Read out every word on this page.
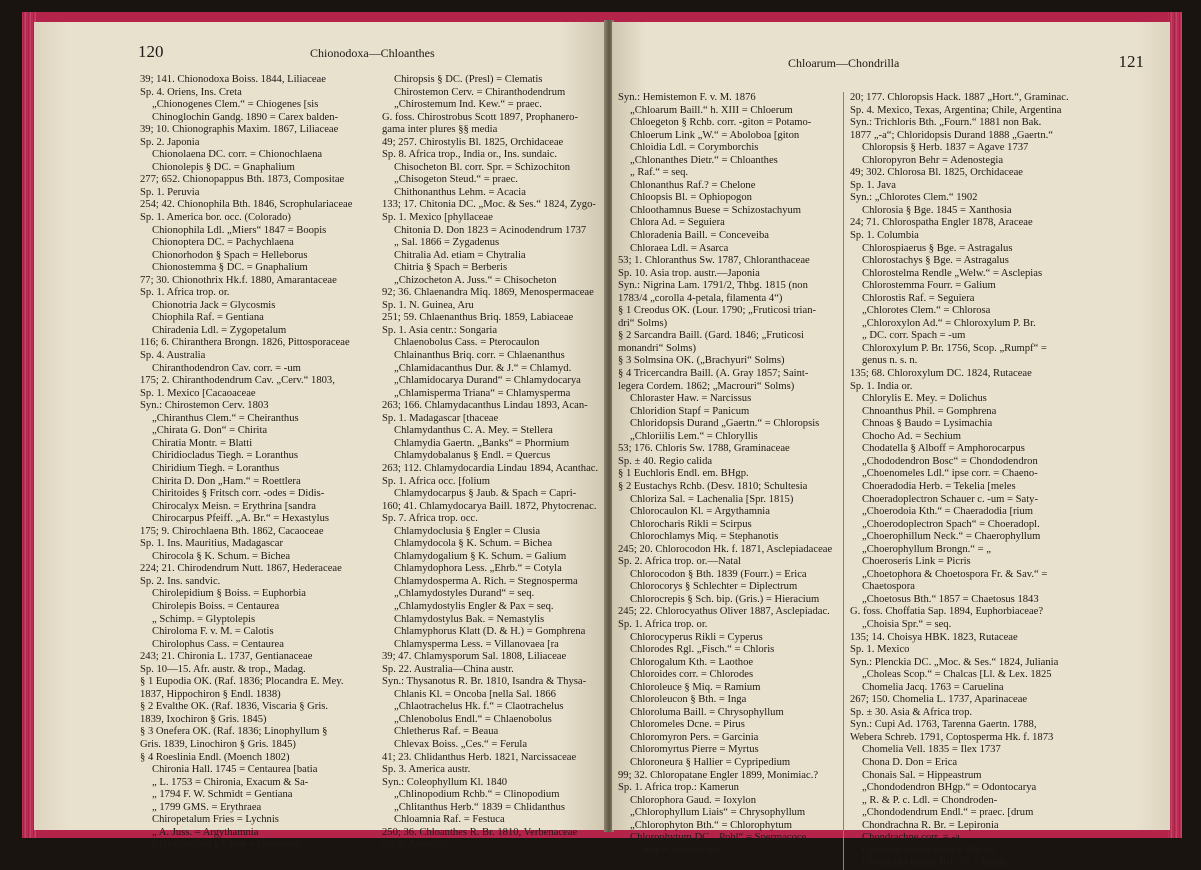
120	Chionodoxa—Chloanthes
39; 141. Chionodoxa Boiss. 1844, Liliaceae
Sp. 4. Oriens, Ins. Creta
„Chionogenes Clem.“ = Chiogenes [sis
Chinoglochin Gandg. 1890 = Carex balden-
39; 10. Chionographis Maxim. 1867, Liliaceae
Sp. 2. Japonia
Chionolaena DC. corr. = Chionochlaena
Chionolepis § DC. = Gnaphalium
277; 652. Chionopappus Bth. 1873, Compositae
Sp. 1. Peruvia
254; 42. Chionophila Bth. 1846, Scrophulariaceae
Sp. 1. America bor. occ. (Colorado)
Chionophila Ldl. „Miers“ 1847 = Boopis
Chionoptera DC. = Pachychlaena
Chionorhodon § Spach = Helleborus
Chionostemma § DC. = Gnaphalium
77; 30. Chionothrix Hk.f. 1880, Amarantaceae
Sp. 1. Africa trop. or.
Chionotria Jack = Glycosmis
Chiophila Raf. = Gentiana
Chiradenia Ldl. = Zygopetalum
116; 6. Chiranthera Brongn. 1826, Pittosporaceae
Sp. 4. Australia
Chiranthodendron Cav. corr. = -um
175; 2. Chiranthodendrum Cav. „Cerv.“ 1803,
Sp. 1. Mexico [Cacaoaceae
Syn.: Chirostemon Cerv. 1803
„Chiranthus Clem.“ = Cheiranthus
„Chirata G. Don“ = Chirita
Chiratia Montr. = Blatti
Chiridiocladus Tiegh. = Loranthus
Chiridium Tiegh. = Loranthus
Chirita D. Don „Ham.“ = Roettlera
Chiritoides § Fritsch corr. -odes = Didis-
Chirocalyx Meisn. = Erythrina [sandra
Chirocarpus Pfeiff. „A. Br.“ = Hexastylus
175; 9. Chirochlaena Bth. 1862, Cacaoceae
Sp. 1. Ins. Mauritius, Madagascar
Chirocola § K. Schum. = Bichea
224; 21. Chirodendrum Nutt. 1867, Hederaceae
Sp. 2. Ins. sandvic.
Chirolepidium § Boiss. = Euphorbia
Chirolepis Boiss. = Centaurea
„ Schimp. = Glyptolepis
Chiroloma F. v. M. = Calotis
Chirolophus Cass. = Centaurea
243; 21. Chironia L. 1737, Gentianaceae
Sp. 10—15. Afr. austr. & trop., Madag.
§ 1 Eupodia OK. (Raf. 1836; Plocandra E. Mey.
1837, Hippochiron § Endl. 1838)
§ 2 Evalthe OK. (Raf. 1836, Viscaria § Gris.
1839, Ixochiron § Gris. 1845)
§ 3 Onefera OK. (Raf. 1836; Linophyllum §
Gris. 1839, Linochiron § Gris. 1845)
§ 4 Roeslinia Endl. (Moench 1802)
Chironia Hall. 1745 = Centaurea [batia
„ L. 1753 = Chironia, Exacum & Sa-
„ 1794 F. W. Schmidt = Gentiana
„ 1799 GMS. = Erythraea
Chiropetalum Fries = Lychnis
„ A. Juss. = Argythamnia
Chirophyllum § Uline = Dioscorea
Chiropsis § DC. (Presl) = Clematis
Chirostemon Cerv. = Chiranthodendrum
„Chirostemum Ind. Kew.“ = praec.
G. foss. Chirostrobus Scott 1897, Prophanero-
gama inter plures §§ media
49; 257. Chirostylis Bl. 1825, Orchidaceae
Sp. 8. Africa trop., India or., Ins. sundaic.
Chisocheton Bl. corr. Spr. = Schizochiton
„Chisogeton Steud.“ = praec.
Chithonanthus Lehm. = Acacia
133; 17. Chitonia DC. „Moc. & Ses.“ 1824, Zygo-
Sp. 1. Mexico [phyllaceae
Chitonia D. Don 1823 = Acinodendrum 1737
„ Sal. 1866 = Zygadenus
Chitralia Ad. etiam = Chytralia
Chitria § Spach = Berberis
„Chizocheton A. Juss.“ = Chisocheton
92; 36. Chlaenandra Miq. 1869, Menospermaceae
Sp. 1. N. Guinea, Aru
251; 59. Chlaenanthus Briq. 1859, Labiaceae
Sp. 1. Asia centr.: Songaria
Chlaenobolus Cass. = Pterocaulon
Chlainanthus Briq. corr. = Chlaenanthus
„Chlamidacanthus Dur. & J.“ = Chlamyd.
„Chlamidocaryа Durand“ = Chlamydocarya
„Chlamisperma Triana“ = Chlamysperma
263; 166. Chlamydacanthus Lindau 1893, Acan-
Sp. 1. Madagascar [thaceae
Chlamydanthus C. A. Mey. = Stellera
Chlamydia Gaertn. „Banks“ = Phormium
Chlamydobalanus § Endl. = Quercus
263; 112. Chlamydocardia Lindau 1894, Acanthac.
Sp. 1. Africa occ. [folium
Chlamydocarpus § Jaub. & Spach = Capri-
160; 41. Chlamydocarya Baill. 1872, Phytocrenac.
Sp. 7. Africa trop. occ.
Chlamydoclusia § Engler = Clusia
Chlamydocola § K. Schum. = Bichea
Chlamydogalium § K. Schum. = Galium
Chlamydophora Less. „Ehrb.“ = Cotyla
Chlamydosperma A. Rich. = Stegnosperma
„Chlamydostyles Durand“ = seq.
„Chlamydostylis Engler & Pax = seq.
Chlamydostylus Bak. = Nemastylis
Chlamyphorus Klatt (D. & H.) = Gomphrena
Chlamysperma Less. = Villanovaea [ra
39; 47. Chlamysporum Sal. 1808, Liliaceae
Sp. 22. Australia—China austr.
Syn.: Thysanotus R. Br. 1810, Isandra & Thysa-
Chlanis Kl. = Oncoba [nella Sal. 1866
„Chlaotrachelus Hk. f.“ = Claotrachelus
„Chlenobolus Endl.“ = Chlaenobolus
Chletherus Raf. = Beaua
Chlevax Boiss. „Ces.“ = Ferula
41; 23. Chlidanthus Herb. 1821, Narcissaceae
Sp. 3. America austr.
Syn.: Coleophyllum Kl. 1840
„Chlinopodium Rchb.“ = Clinopodium
„Chlitanthus Herb.“ 1839 = Chlidanthus
Chloamnia Raf. = Festuca
250; 36. Chloanthes R. Br. 1810, Verbenaceae
Sp. 8. Australia
Chloarum—Chondrilla	121
Syn.: Hemistemon F. v. M. 1876
„Chloarum Baill.“ h. XIII = Chloerum
Chloegeton § Rchb. corr. -giton = Potamo-
Chloerum Link „W.“ = Aboloboa [giton
Chloidia Ldl. = Corymborchis
„Chlonanthes Dietr.“ = Chloanthes
„ Raf.“ = seq.
Chlonanthus Raf.? = Chelone
Chloopsis Bl. = Ophiopogon
Chloothamnus Buese = Schizostachyum
Chlora Ad. = Seguiera
Chloradenia Baill. = Conceveiba
Chloraea Ldl. = Asarca
53; 1. Chloranthus Sw. 1787, Chloranthaceae
Sp. 10. Asia trop. austr.—Japonia
Syn.: Nigrina Lam. 1791/2, Thbg. 1815 (non
1783/4 „corolla 4-petala, filamenta 4“)
§ 1 Creodus OK. (Lour. 1790; „Fruticosi trian-
dri“ Solms)
§ 2 Sarcandra Baill. (Gard. 1846; „Fruticosi
monandri“ Solms)
§ 3 Solmsina OK. („Brachyuri“ Solms)
§ 4 Tricercandra Baill. (A. Gray 1857; Saint-
legera Cordem. 1862; „Macrouri“ Solms)
Chloraster Haw. = Narcissus
Chloridion Stapf = Panicum
Chloridopsis Durand „Gaertn.“ = Chloropsis
„Chloriilis Lem.“ = Chloryllis
53; 176. Chloris Sw. 1788, Graminaceae
Sp. ± 40. Regio calida
§ 1 Euchloris Endl. em. BHgp.
§ 2 Eustachys Rchb. (Desv. 1810; Schultesia
Chloriza Sal. = Lachenalia [Spr. 1815)
Chlorocaulon Kl. = Argythamnia
Chlorocharis Rikli = Scirpus
Chlorochlamys Miq. = Stephanotis
245; 20. Chlorocodon Hk. f. 1871, Asclepiadaceae
Sp. 2. Africa trop. or.—Natal
Chlorocodon § Bth. 1839 (Fourr.) = Erica
Chlorocorys § Schlechter = Diplectrum
Chlorocrepis § Sch. bip. (Gris.) = Hieracium
245; 22. Chlorocyathus Oliver 1887, Asclepiadac.
Sp. 1. Africa trop. or.
Chlorocyperus Rikli = Cyperus
Chlorodes Rgl. „Fisch.“ = Chloris
Chlorogalum Kth. = Laothoe
Chloroides corr. = Chlorodes
Chloroleuce § Miq. = Ramium
Chloroleucon § Bth. = Inga
Chloroluma Baill. = Chrysophyllum
Chloromeles Dcne. = Pirus
Chloromyron Pers. = Garcinia
Chloromyrtus Pierre = Myrtus
Chloroneura § Hallier = Cypripedium
99; 32. Chloropatane Engler 1899, Monimiac.?
Sp. 1. Africa trop.: Kamerun
Chlorophora Gaud. = Ioxylon
„Chlorophyllum Liais“ = Chrysophyllum
„Chlorophyton Bth.“ = Chlorophytum
Chlorophytum DC. „Pohl“ = Spermacoce
„ - Ker = Anthericum
20; 177. Chloropsis Hack. 1887 „Hort.“, Graminac.
Sp. 4. Mexico, Texas, Argentina; Chile, Argentina
Syn.: Trichloris Bth. „Fourn.“ 1881 non Bak.
1877 „-a“; Chloridopsis Durand 1888 „Gaertn.“
Chloropsis § Herb. 1837 = Agave 1737
Chloropyron Behr = Adenostegia
49; 302. Chlorosa Bl. 1825, Orchidaceae
Sp. 1. Java
Syn.: „Chlorotes Clem.“ 1902
Chlorosia § Bge. 1845 = Xanthosia
24; 71. Chlorospatha Engler 1878, Araceae
Sp. 1. Columbia
Chlorospiaerus § Bge. = Astragalus
Chlorostachys § Bge. = Astragalus
Chlorostelma Rendle „Welw.“ = Asclepias
Chlorostemma Fourr. = Galium
Chlorostis Raf. = Seguiera
„Chlorotes Clem.“ = Chlorosa
„Chloroxylon Ad.“ = Chloroxylum P. Br.
„ DC. corr. Spach = -um
Chloroxylum P. Br. 1756, Scop. „Rumpf“ =
genus n. s. n.
135; 68. Chloroxylum DC. 1824, Rutaceae
Sp. 1. India or.
Chlorylis E. Mey. = Dolichus
Chnoanthus Phil. = Gomphrena
Chnoas § Baudo = Lysimachia
Chocho Ad. = Sechium
Chodatella § Alboff = Amphorocarpus
„Chododendron Bosc“ = Chondodendron
„Choenomeles Ldl.“ ipse corr. = Chaeno-
Choeradodia Herb. = Tekelia [meles
Choeradoplectron Schauer c. -um = Saty-
„Choerodoia Kth.“ = Chaeradodia [rium
„Choerodoplectron Spach“ = Choeradopl.
„Choerophillum Neck.“ = Chaerophyllum
„Choerophyllum Brongn.“ = „
Choeroseris Link = Picris
„Choetophora & Choetospora Fr. & Sav.“ =
Chaetospora
„Choetosus Bth.“ 1857 = Chaetosus 1843
G. foss. Choffatia Sap. 1894, Euphorbiaceae?
„Choisia Spr.“ = seq.
135; 14. Choisya HBK. 1823, Rutaceae
Sp. 1. Mexico
Syn.: Plenckia DC. „Moc. & Ses.“ 1824, Juliania
„Choleas Scop.“ = Chalcas [Ll. & Lex. 1825
Chomelia Jacq. 1763 = Caruelina
267; 150. Chomelia L. 1737, Aparinaceae
Sp. ± 30. Asia & Africa trop.
Syn.: Cupi Ad. 1763, Tarenna Gaertn. 1788,
Webera Schreb. 1791, Coptosperma Hk. f. 1873
Chomelia Vell. 1835 = Ilex 1737
Chona D. Don = Erica
Chonais Sal. = Hippeastrum
„Chondodendron BHgp.“ = Odontocarya
„ R. & P. c. Ldl. = Chondroden-
„Chondodendrum Endl.“ = praec. [drum
Chondrachna R. Br. = Lepironia
Chondrachne corr. = -a
Chondrachyrum Nees = Melica
Chondrilla Burm. Il/1737 = Emilia
